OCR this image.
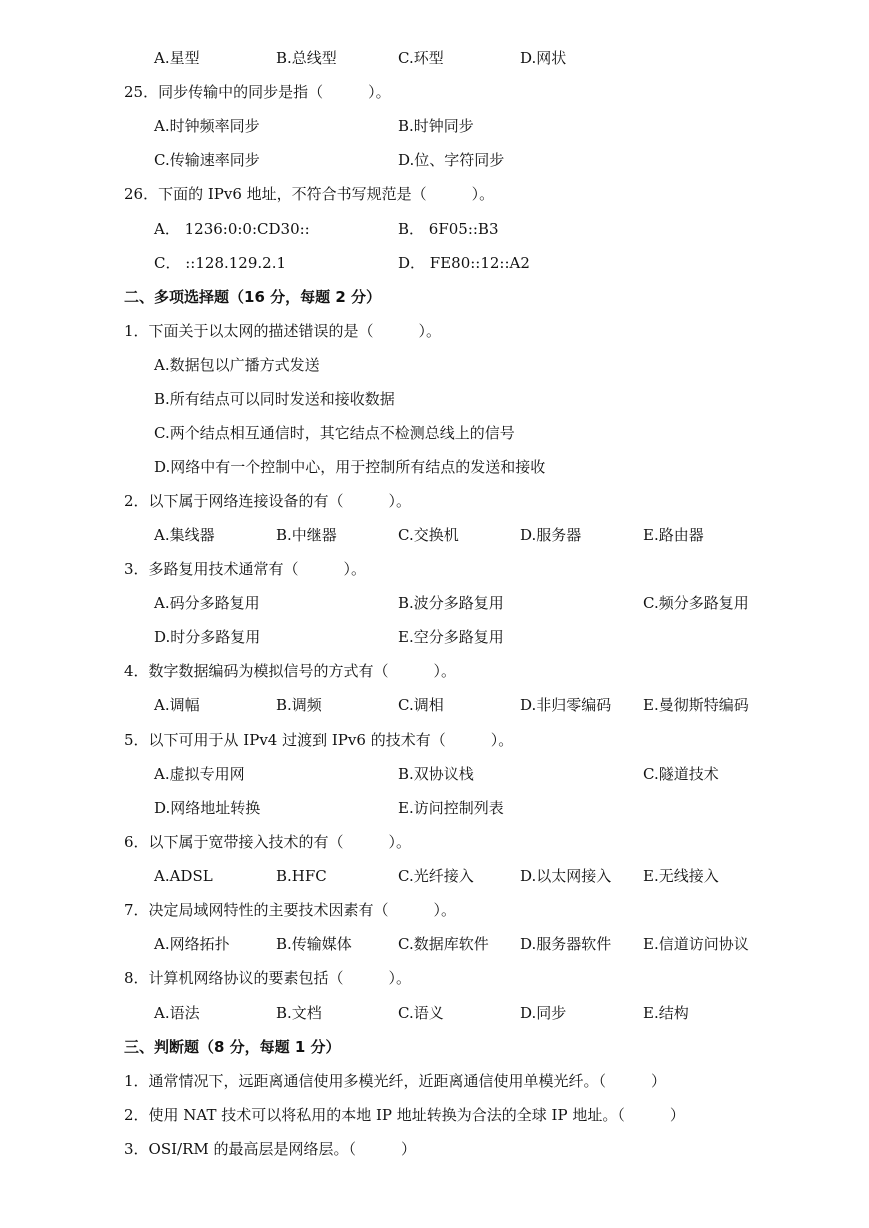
A.星型	B.总线型	C.环型	D.网状
25．同步传输中的同步是指（　　　）。
A.时钟频率同步	B.时钟同步
C.传输速率同步	D.位、字符同步
26．下面的 IPv6 地址，不符合书写规范是（　　　）。
A． 1236:0:0:CD30::	B． 6F05::B3
C． ::128.129.2.1	D． FE80::12::A2
二、多项选择题（16 分，每题 2 分）
1．下面关于以太网的描述错误的是（　　　）。
A.数据包以广播方式发送
B.所有结点可以同时发送和接收数据
C.两个结点相互通信时，其它结点不检测总线上的信号
D.网络中有一个控制中心，用于控制所有结点的发送和接收
2．以下属于网络连接设备的有（　　　）。
A.集线器	B.中继器	C.交换机	D.服务器	E.路由器
3．多路复用技术通常有（　　　）。
A.码分多路复用	B.波分多路复用	C.频分多路复用
D.时分多路复用	E.空分多路复用
4．数字数据编码为模拟信号的方式有（　　　）。
A.调幅	B.调频	C.调相	D.非归零编码 E.曼彻斯特编码
5．以下可用于从 IPv4 过渡到 IPv6 的技术有（　　　）。
A.虚拟专用网	B.双协议栈	C.隧道技术
D.网络地址转换	E.访问控制列表
6．以下属于宽带接入技术的有（　　　）。
A.ADSL	B.HFC	C.光纤接入	D.以太网接入 E.无线接入
7．决定局域网特性的主要技术因素有（　　　）。
A.网络拓扑	B.传输媒体	C.数据库软件 D.服务器软件 E.信道访问协议
8．计算机网络协议的要素包括（　　　）。
A.语法	B.文档	C.语义	D.同步	E.结构
三、判断题（8 分，每题 1 分）
1．通常情况下，远距离通信使用多模光纤，近距离通信使用单模光纤。（　　　）
2．使用 NAT 技术可以将私用的本地 IP 地址转换为合法的全球 IP 地址。（　　　）
3．OSI/RM 的最高层是网络层。（　　　）
